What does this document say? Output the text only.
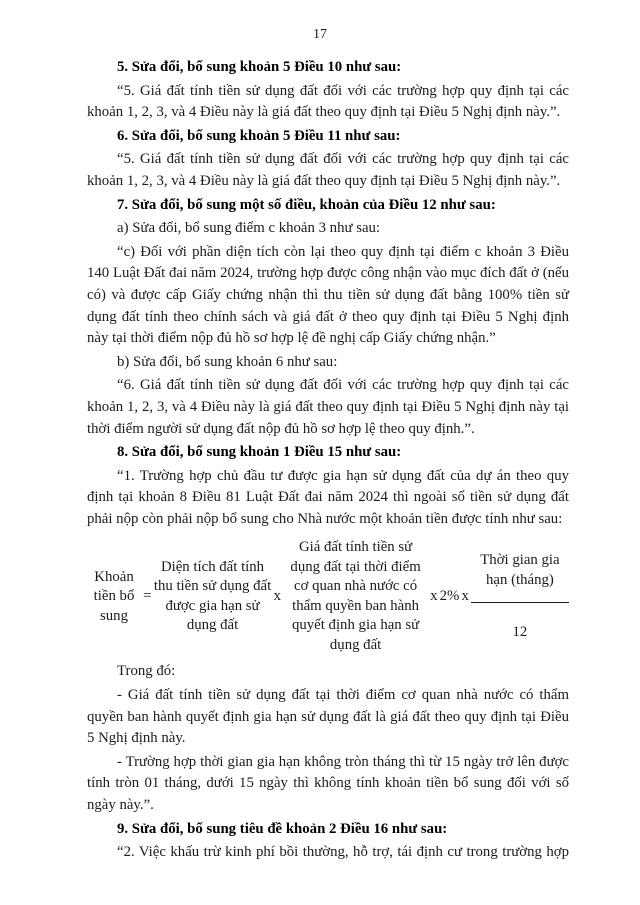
17

5. Sửa đổi, bổ sung khoản 5 Điều 10 như sau:

“5. Giá đất tính tiền sử dụng đất đối với các trường hợp quy định tại các khoản 1, 2, 3, và 4 Điều này là giá đất theo quy định tại Điều 5 Nghị định này.”.

6. Sửa đổi, bổ sung khoản 5 Điều 11 như sau:

“5. Giá đất tính tiền sử dụng đất đối với các trường hợp quy định tại các khoản 1, 2, 3, và 4 Điều này là giá đất theo quy định tại Điều 5 Nghị định này.”.

7. Sửa đổi, bổ sung một số điều, khoản của Điều 12 như sau:

a) Sửa đổi, bổ sung điểm c khoản 3 như sau:

“c) Đối với phần diện tích còn lại theo quy định tại điểm c khoản 3 Điều 140 Luật Đất đai năm 2024, trường hợp được công nhận vào mục đích đất ở (nếu có) và được cấp Giấy chứng nhận thì thu tiền sử dụng đất bằng 100% tiền sử dụng đất tính theo chính sách và giá đất ở theo quy định tại Điều 5 Nghị định này tại thời điểm nộp đủ hồ sơ hợp lệ đề nghị cấp Giấy chứng nhận.”

b) Sửa đổi, bổ sung khoản 6 như sau:

“6. Giá đất tính tiền sử dụng đất đối với các trường hợp quy định tại các khoản 1, 2, 3, và 4 Điều này là giá đất theo quy định tại Điều 5 Nghị định này tại thời điểm người sử dụng đất nộp đủ hồ sơ hợp lệ theo quy định.”.

8. Sửa đổi, bổ sung khoản 1 Điều 15 như sau:

“1. Trường hợp chủ đầu tư được gia hạn sử dụng đất của dự án theo quy định tại khoản 8 Điều 81 Luật Đất đai năm 2024 thì ngoài số tiền sử dụng đất phải nộp còn phải nộp bổ sung cho Nhà nước một khoản tiền được tính như sau:

Khoản tiền bổ sung
=
Diện tích đất tính thu tiền sử dụng đất được gia hạn sử dụng đất
x
Giá đất tính tiền sử dụng đất tại thời điểm cơ quan nhà nước có thẩm quyền ban hành quyết định gia hạn sử dụng đất
x 2% x $\frac{\text{Thời gian gia hạn (tháng)}}{12}$

Trong đó:

- Giá đất tính tiền sử dụng đất tại thời điểm cơ quan nhà nước có thẩm quyền ban hành quyết định gia hạn sử dụng đất là giá đất theo quy định tại Điều 5 Nghị định này.

- Trường hợp thời gian gia hạn không tròn tháng thì từ 15 ngày trở lên được tính tròn 01 tháng, dưới 15 ngày thì không tính khoản tiền bổ sung đối với số ngày này.”.

9. Sửa đổi, bổ sung tiêu đề khoản 2 Điều 16 như sau:

“2. Việc khấu trừ kinh phí bồi thường, hỗ trợ, tái định cư trong trường hợp
